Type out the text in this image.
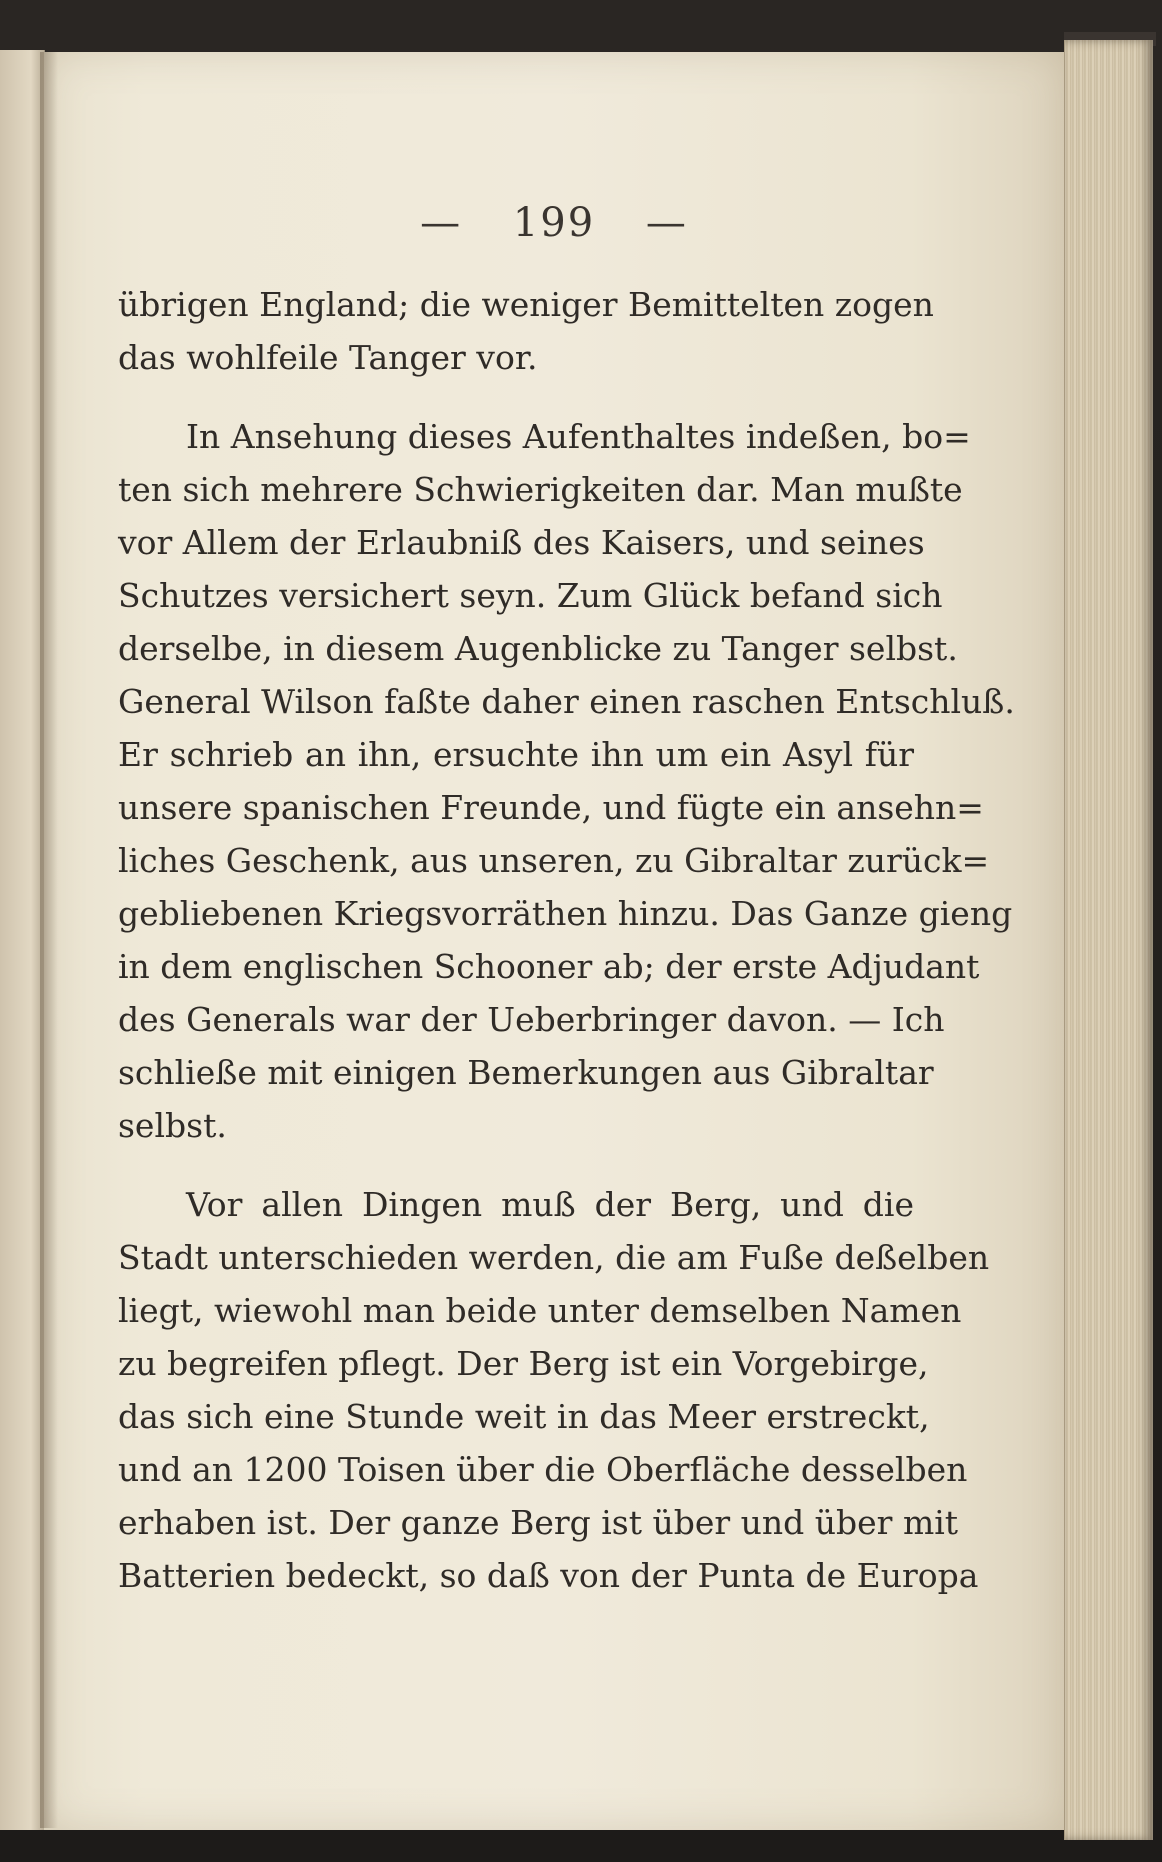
— 199 —
übrigen England; die weniger Bemittelten zogen
das wohlfeile Tanger vor.
In Ansehung dieses Aufenthaltes indeßen, bo=
ten sich mehrere Schwierigkeiten dar. Man mußte
vor Allem der Erlaubniß des Kaisers, und seines
Schutzes versichert seyn. Zum Glück befand sich
derselbe, in diesem Augenblicke zu Tanger selbst.
General Wilson faßte daher einen raschen Entschluß.
Er schrieb an ihn, ersuchte ihn um ein Asyl für
unsere spanischen Freunde, und fügte ein ansehn=
liches Geschenk, aus unseren, zu Gibraltar zurück=
gebliebenen Kriegsvorräthen hinzu. Das Ganze gieng
in dem englischen Schooner ab; der erste Adjudant
des Generals war der Ueberbringer davon. — Ich
schließe mit einigen Bemerkungen aus Gibraltar
selbst.
Vor allen Dingen muß der Berg, und die
Stadt unterschieden werden, die am Fuße deßelben
liegt, wiewohl man beide unter demselben Namen
zu begreifen pflegt. Der Berg ist ein Vorgebirge,
das sich eine Stunde weit in das Meer erstreckt,
und an 1200 Toisen über die Oberfläche desselben
erhaben ist. Der ganze Berg ist über und über mit
Batterien bedeckt, so daß von der Punta de Europa
